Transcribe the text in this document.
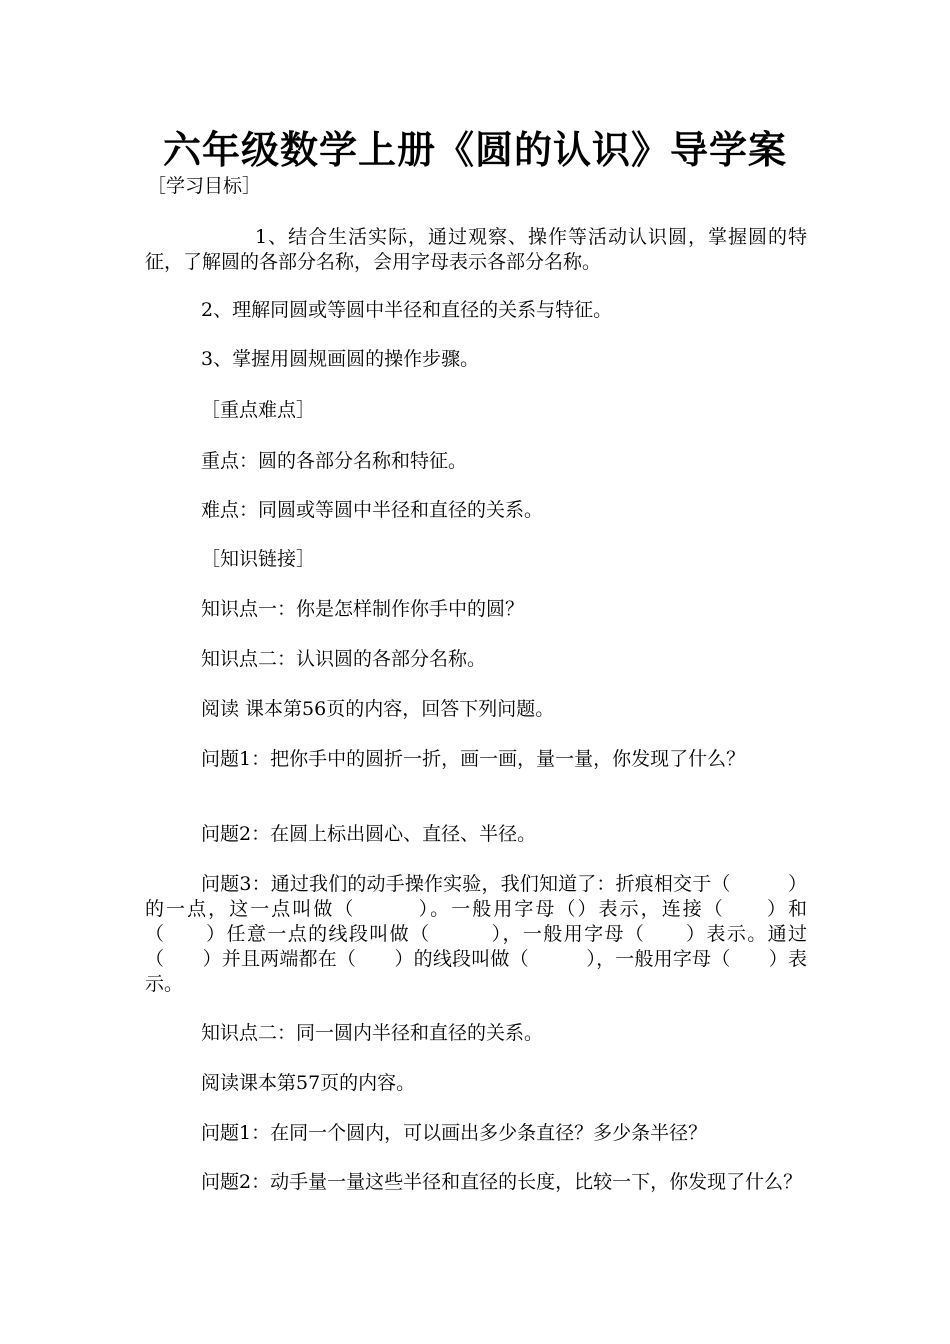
六年级数学上册《圆的认识》导学案
［学习目标］
1、结合生活实际，通过观察、操作等活动认识圆，掌握圆的特征，了解圆的各部分名称，会用字母表示各部分名称。
2、理解同圆或等圆中半径和直径的关系与特征。
3、掌握用圆规画圆的操作步骤。
［重点难点］
重点：圆的各部分名称和特征。
难点：同圆或等圆中半径和直径的关系。
［知识链接］
知识点一：你是怎样制作你手中的圆？
知识点二：认识圆的各部分名称。
阅读 课本第56页的内容，回答下列问题。
问题1：把你手中的圆折一折，画一画，量一量，你发现了什么？
问题2：在圆上标出圆心、直径、半径。
问题3：通过我们的动手操作实验，我们知道了：折痕相交于（　　　）的一点，这一点叫做（　　　）。一般用字母（）表示，连接（　　）和（　　）任意一点的线段叫做（　　　），一般用字母（　　）表示。通过（　　）并且两端都在（　　）的线段叫做（　　　），一般用字母（　　）表示。
知识点二：同一圆内半径和直径的关系。
阅读课本第57页的内容。
问题1：在同一个圆内，可以画出多少条直径？多少条半径？
问题2：动手量一量这些半径和直径的长度，比较一下，你发现了什么？
